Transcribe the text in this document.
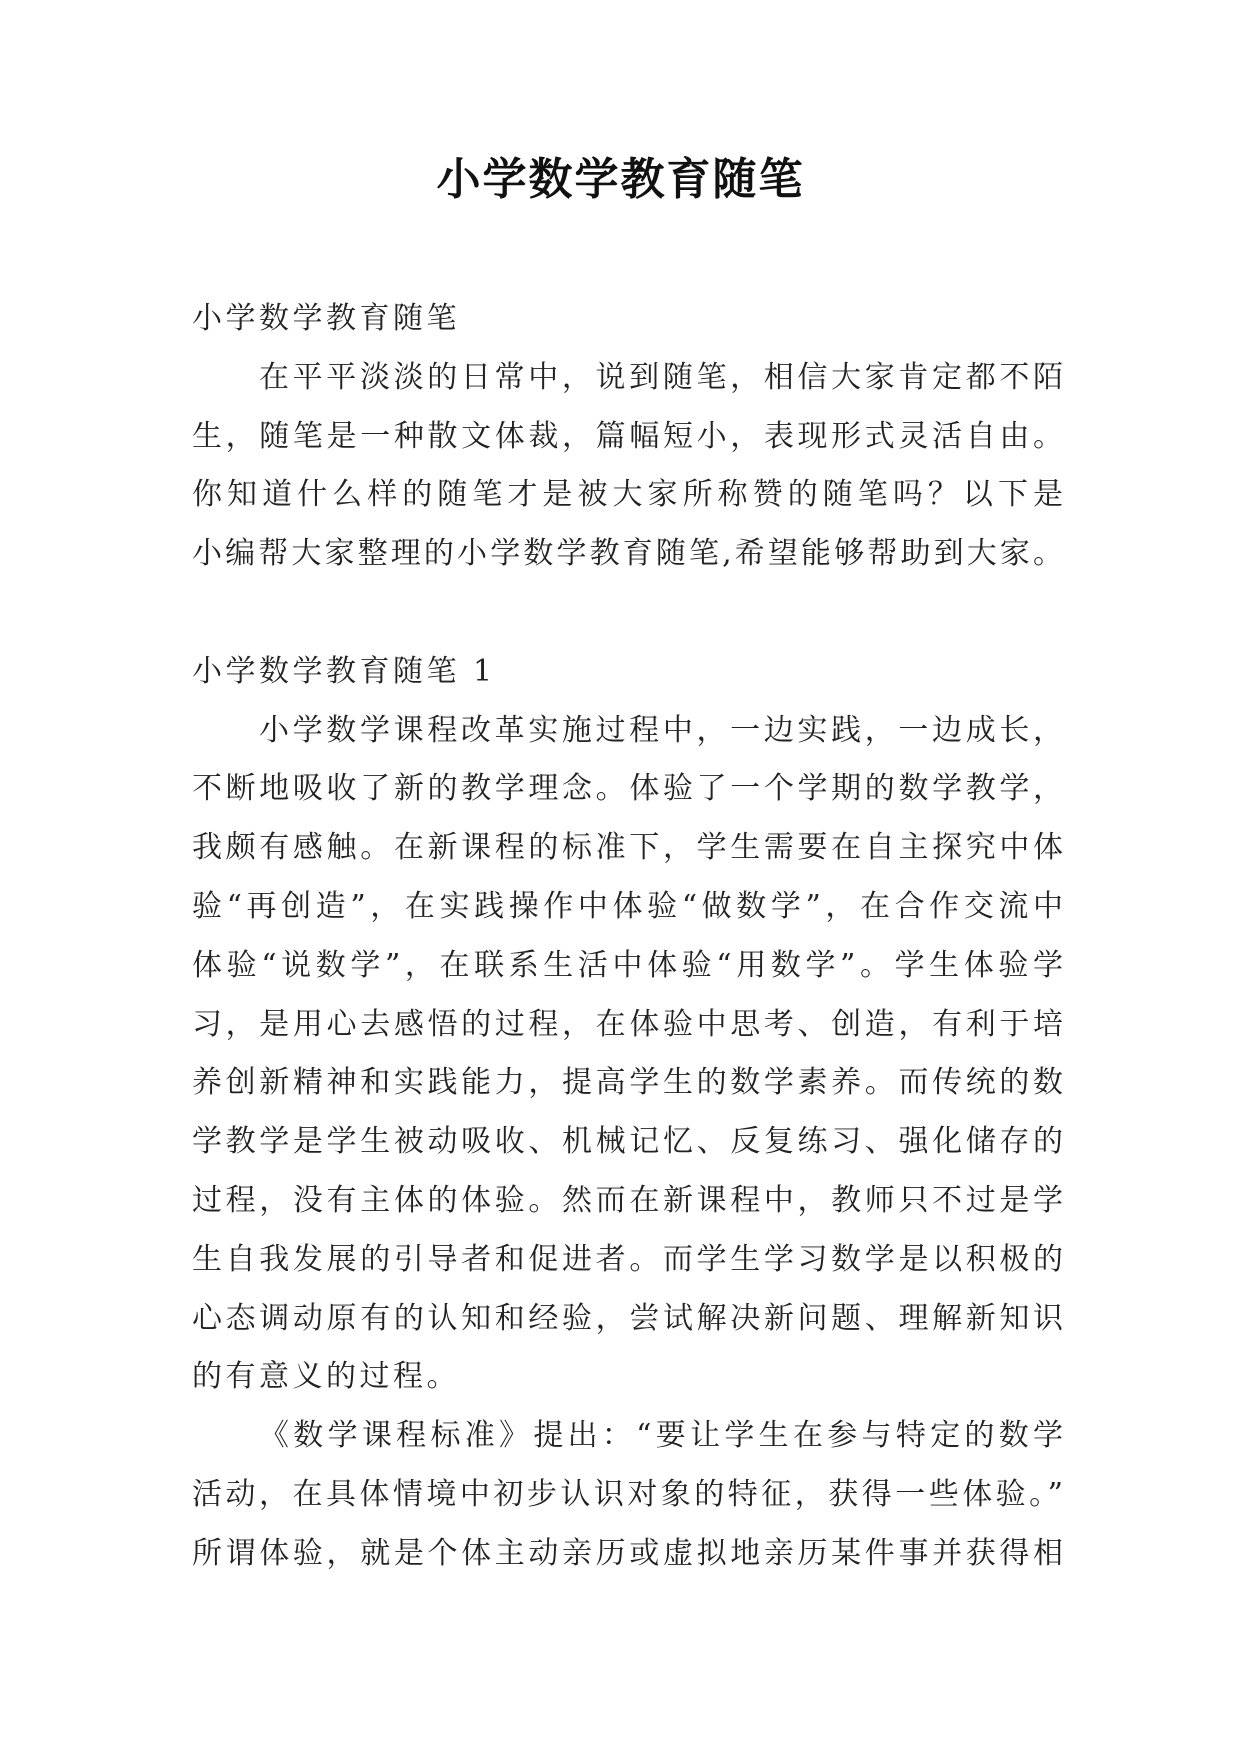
小学数学教育随笔
小学数学教育随笔
在平平淡淡的日常中，说到随笔，相信大家肯定都不陌
生，随笔是一种散文体裁，篇幅短小，表现形式灵活自由。
你知道什么样的随笔才是被大家所称赞的随笔吗？以下是
小编帮大家整理的小学数学教育随笔,希望能够帮助到大家。
小学数学教育随笔 1
小学数学课程改革实施过程中，一边实践，一边成长，
不断地吸收了新的教学理念。体验了一个学期的数学教学，
我颇有感触。在新课程的标准下，学生需要在自主探究中体
验“再创造”，在实践操作中体验“做数学”，在合作交流中
体验“说数学”，在联系生活中体验“用数学”。学生体验学
习，是用心去感悟的过程，在体验中思考、创造，有利于培
养创新精神和实践能力，提高学生的数学素养。而传统的数
学教学是学生被动吸收、机械记忆、反复练习、强化储存的
过程，没有主体的体验。然而在新课程中，教师只不过是学
生自我发展的引导者和促进者。而学生学习数学是以积极的
心态调动原有的认知和经验，尝试解决新问题、理解新知识
的有意义的过程。
《数学课程标准》提出：“要让学生在参与特定的数学
活动，在具体情境中初步认识对象的特征，获得一些体验。”
所谓体验，就是个体主动亲历或虚拟地亲历某件事并获得相
